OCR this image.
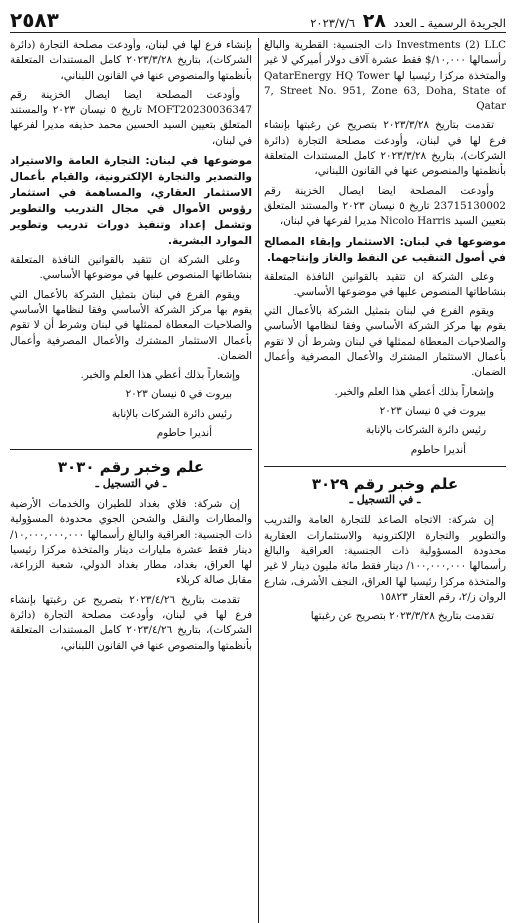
الجريدة الرسمية ـ العدد ٢٨ ٢٠٢٣/٧/٦
٢٥٨٣

Investments (2) LLC ذات الجنسية: القطرية والبالغ رأسمالها ١٠,٠٠٠/$ فقط عشرة آلاف دولار أميركي لا غير والمتخذة مركزا رئيسيا لها QatarEnergy HQ Tower 7, Street No. 951, Zone 63, Doha, State of Qatar

تقدمت بتاريخ ٢٠٢٣/٣/٢٨ بتصريح عن رغبتها بإنشاء فرع لها في لبنان، وأودعت مصلحة التجارة (دائرة الشركات)، بتاريخ ٢٠٢٣/٣/٢٨ كامل المستندات المتعلقة بأنظمتها والمنصوص عنها في القانون اللبناني،

وأودعت المصلحة ايضا ايصال الخزينة رقم 23715130002 تاريخ ٥ نيسان ٢٠٢٣ والمستند المتعلق بتعيين السيد Nicolo Harris مديرا لفرعها في لبنان،

موضوعها في لبنان: الاستثمار وإبقاء المصالح في أصول التنقيب عن النفط والغاز وإنتاجهما.

وعلى الشركة ان تتقيد بالقوانين النافذة المتعلقة بنشاطاتها المنصوص عليها في موضوعها الأساسي.

ويقوم الفرع في لبنان بتمثيل الشركة بالأعمال التي يقوم بها مركز الشركة الأساسي وفقا لنظامها الأساسي والصلاحيات المعطاة لممثلها في لبنان وشرط أن لا تقوم بأعمال الاستثمار المشترك والأعمال المصرفية وأعمال الضمان.

وإشعاراً بذلك أعطي هذا العلم والخبر.

بيروت في ٥ نيسان ٢٠٢٣

رئيس دائرة الشركات بالإنابة

أنديرا حاطوم

علم وخبر رقم ٣٠٢٩
ـ في التسجيل ـ

إن شركة: الاتجاه الصاعد للتجارة العامة والتدريب والتطوير والتجارة الإلكترونية والاستثمارات العقارية محدودة المسؤولية ذات الجنسية: العراقية والبالغ رأسمالها ١٠٠,٠٠٠,٠٠٠/ دينار فقط مائة مليون دينار لا غير والمتخذة مركزا رئيسيا لها العراق، النجف الأشرف، شارع الروان ز/٢، رقم العقار ١٥٨٢٣

تقدمت بتاريخ ٢٠٢٣/٣/٢٨ بتصريح عن رغبتها

بإنشاء فرع لها في لبنان، وأودعت مصلحة التجارة (دائرة الشركات)، بتاريخ ٢٠٢٣/٣/٢٨ كامل المستندات المتعلقة بأنظمتها والمنصوص عنها في القانون اللبناني،

وأودعت المصلحة ايضا ايصال الخزينة رقم MOFT20230036347 تاريخ ٥ نيسان ٢٠٢٣ والمستند المتعلق بتعيين السيد الحسين محمد حذيفه مديرا لفرعها في لبنان،

موضوعها في لبنان: التجارة العامة والاستيراد والتصدير والتجارة الإلكترونية، والقيام بأعمال الاستثمار العقاري، والمساهمة في استثمار رؤوس الأموال في مجال التدريب والتطوير وتشمل إعداد وتنفيذ دورات تدريب وتطوير الموارد البشرية.

وعلى الشركة ان تتقيد بالقوانين النافذة المتعلقة بنشاطاتها المنصوص عليها في موضوعها الأساسي.

ويقوم الفرع في لبنان بتمثيل الشركة بالأعمال التي يقوم بها مركز الشركة الأساسي وفقا لنظامها الأساسي والصلاحيات المعطاة لممثلها في لبنان وشرط أن لا تقوم بأعمال الاستثمار المشترك والأعمال المصرفية وأعمال الضمان.

وإشعاراً بذلك أعطي هذا العلم والخبر.

بيروت في ٥ نيسان ٢٠٢٣

رئيس دائرة الشركات بالإنابة

أنديرا حاطوم

علم وخبر رقم ٣٠٣٠
ـ في التسجيل ـ

إن شركة: فلاي بغداد للطيران والخدمات الأرضية والمطارات والنقل والشحن الجوي محدودة المسؤولية ذات الجنسية: العراقية والبالغ رأسمالها ١٠,٠٠٠,٠٠٠,٠٠٠/ دينار فقط عشرة مليارات دينار والمتخذة مركزا رئيسيا لها العراق، بغداد، مطار بغداد الدولي، شعبة الزراعة، مقابل صالة كربلاء

تقدمت بتاريخ ٢٠٢٣/٤/٢٦ بتصريح عن رغبتها بإنشاء فرع لها في لبنان، وأودعت مصلحة التجارة (دائرة الشركات)، بتاريخ ٢٠٢٣/٤/٢٦ كامل المستندات المتعلقة بأنظمتها والمنصوص عنها في القانون اللبناني،
